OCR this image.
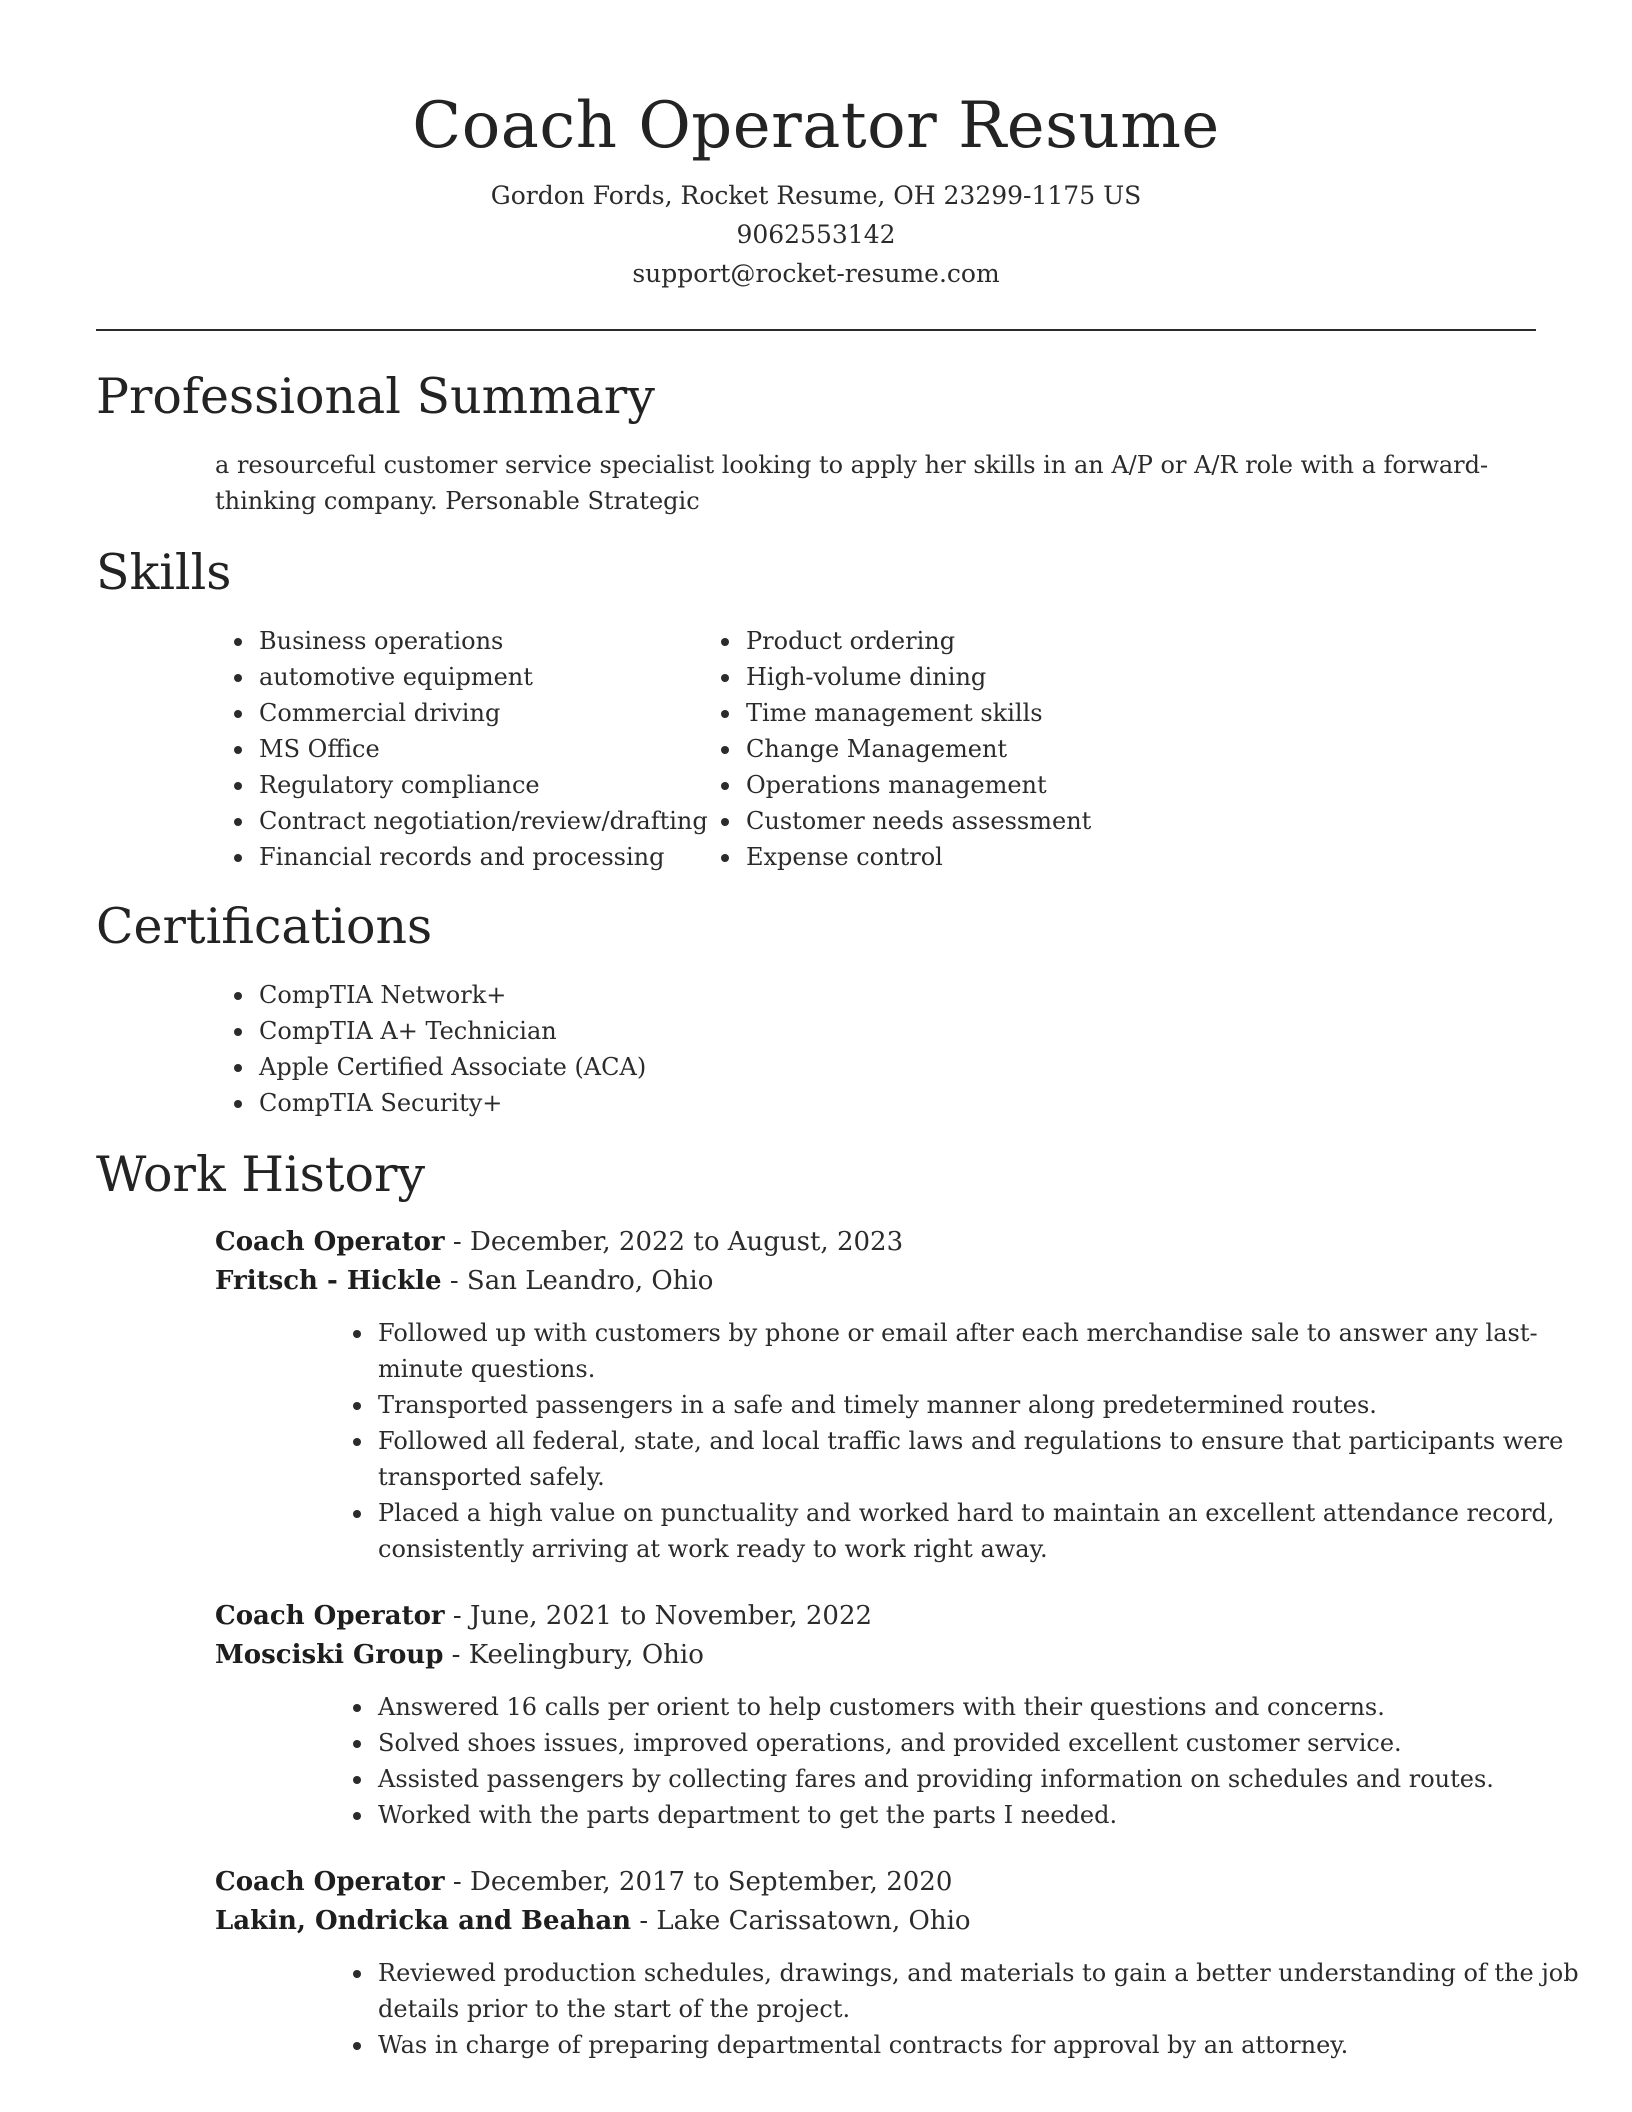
Coach Operator Resume
Gordon Fords, Rocket Resume, OH 23299-1175 US
9062553142
support@rocket-resume.com
Professional Summary

a resourceful customer service specialist looking to apply her skills in an A/P or A/R role with a forward-thinking company. Personable Strategic

Skills
Business operations
automotive equipment
Commercial driving
MS Office
Regulatory compliance
Contract negotiation/review/drafting
Financial records and processing
Product ordering
High-volume dining
Time management skills
Change Management
Operations management
Customer needs assessment
Expense control
Certifications
CompTIA Network+
CompTIA A+ Technician
Apple Certified Associate (ACA)
CompTIA Security+
Work History
Coach Operator - December, 2022 to August, 2023
Fritsch - Hickle - San Leandro, Ohio
Followed up with customers by phone or email after each merchandise sale to answer any last-minute questions.
Transported passengers in a safe and timely manner along predetermined routes.
Followed all federal, state, and local traffic laws and regulations to ensure that participants were transported safely.
Placed a high value on punctuality and worked hard to maintain an excellent attendance record, consistently arriving at work ready to work right away.
Coach Operator - June, 2021 to November, 2022
Mosciski Group - Keelingbury, Ohio
Answered 16 calls per orient to help customers with their questions and concerns.
Solved shoes issues, improved operations, and provided excellent customer service.
Assisted passengers by collecting fares and providing information on schedules and routes.
Worked with the parts department to get the parts I needed.
Coach Operator - December, 2017 to September, 2020
Lakin, Ondricka and Beahan - Lake Carissatown, Ohio
Reviewed production schedules, drawings, and materials to gain a better understanding of the job details prior to the start of the project.
Was in charge of preparing departmental contracts for approval by an attorney.
